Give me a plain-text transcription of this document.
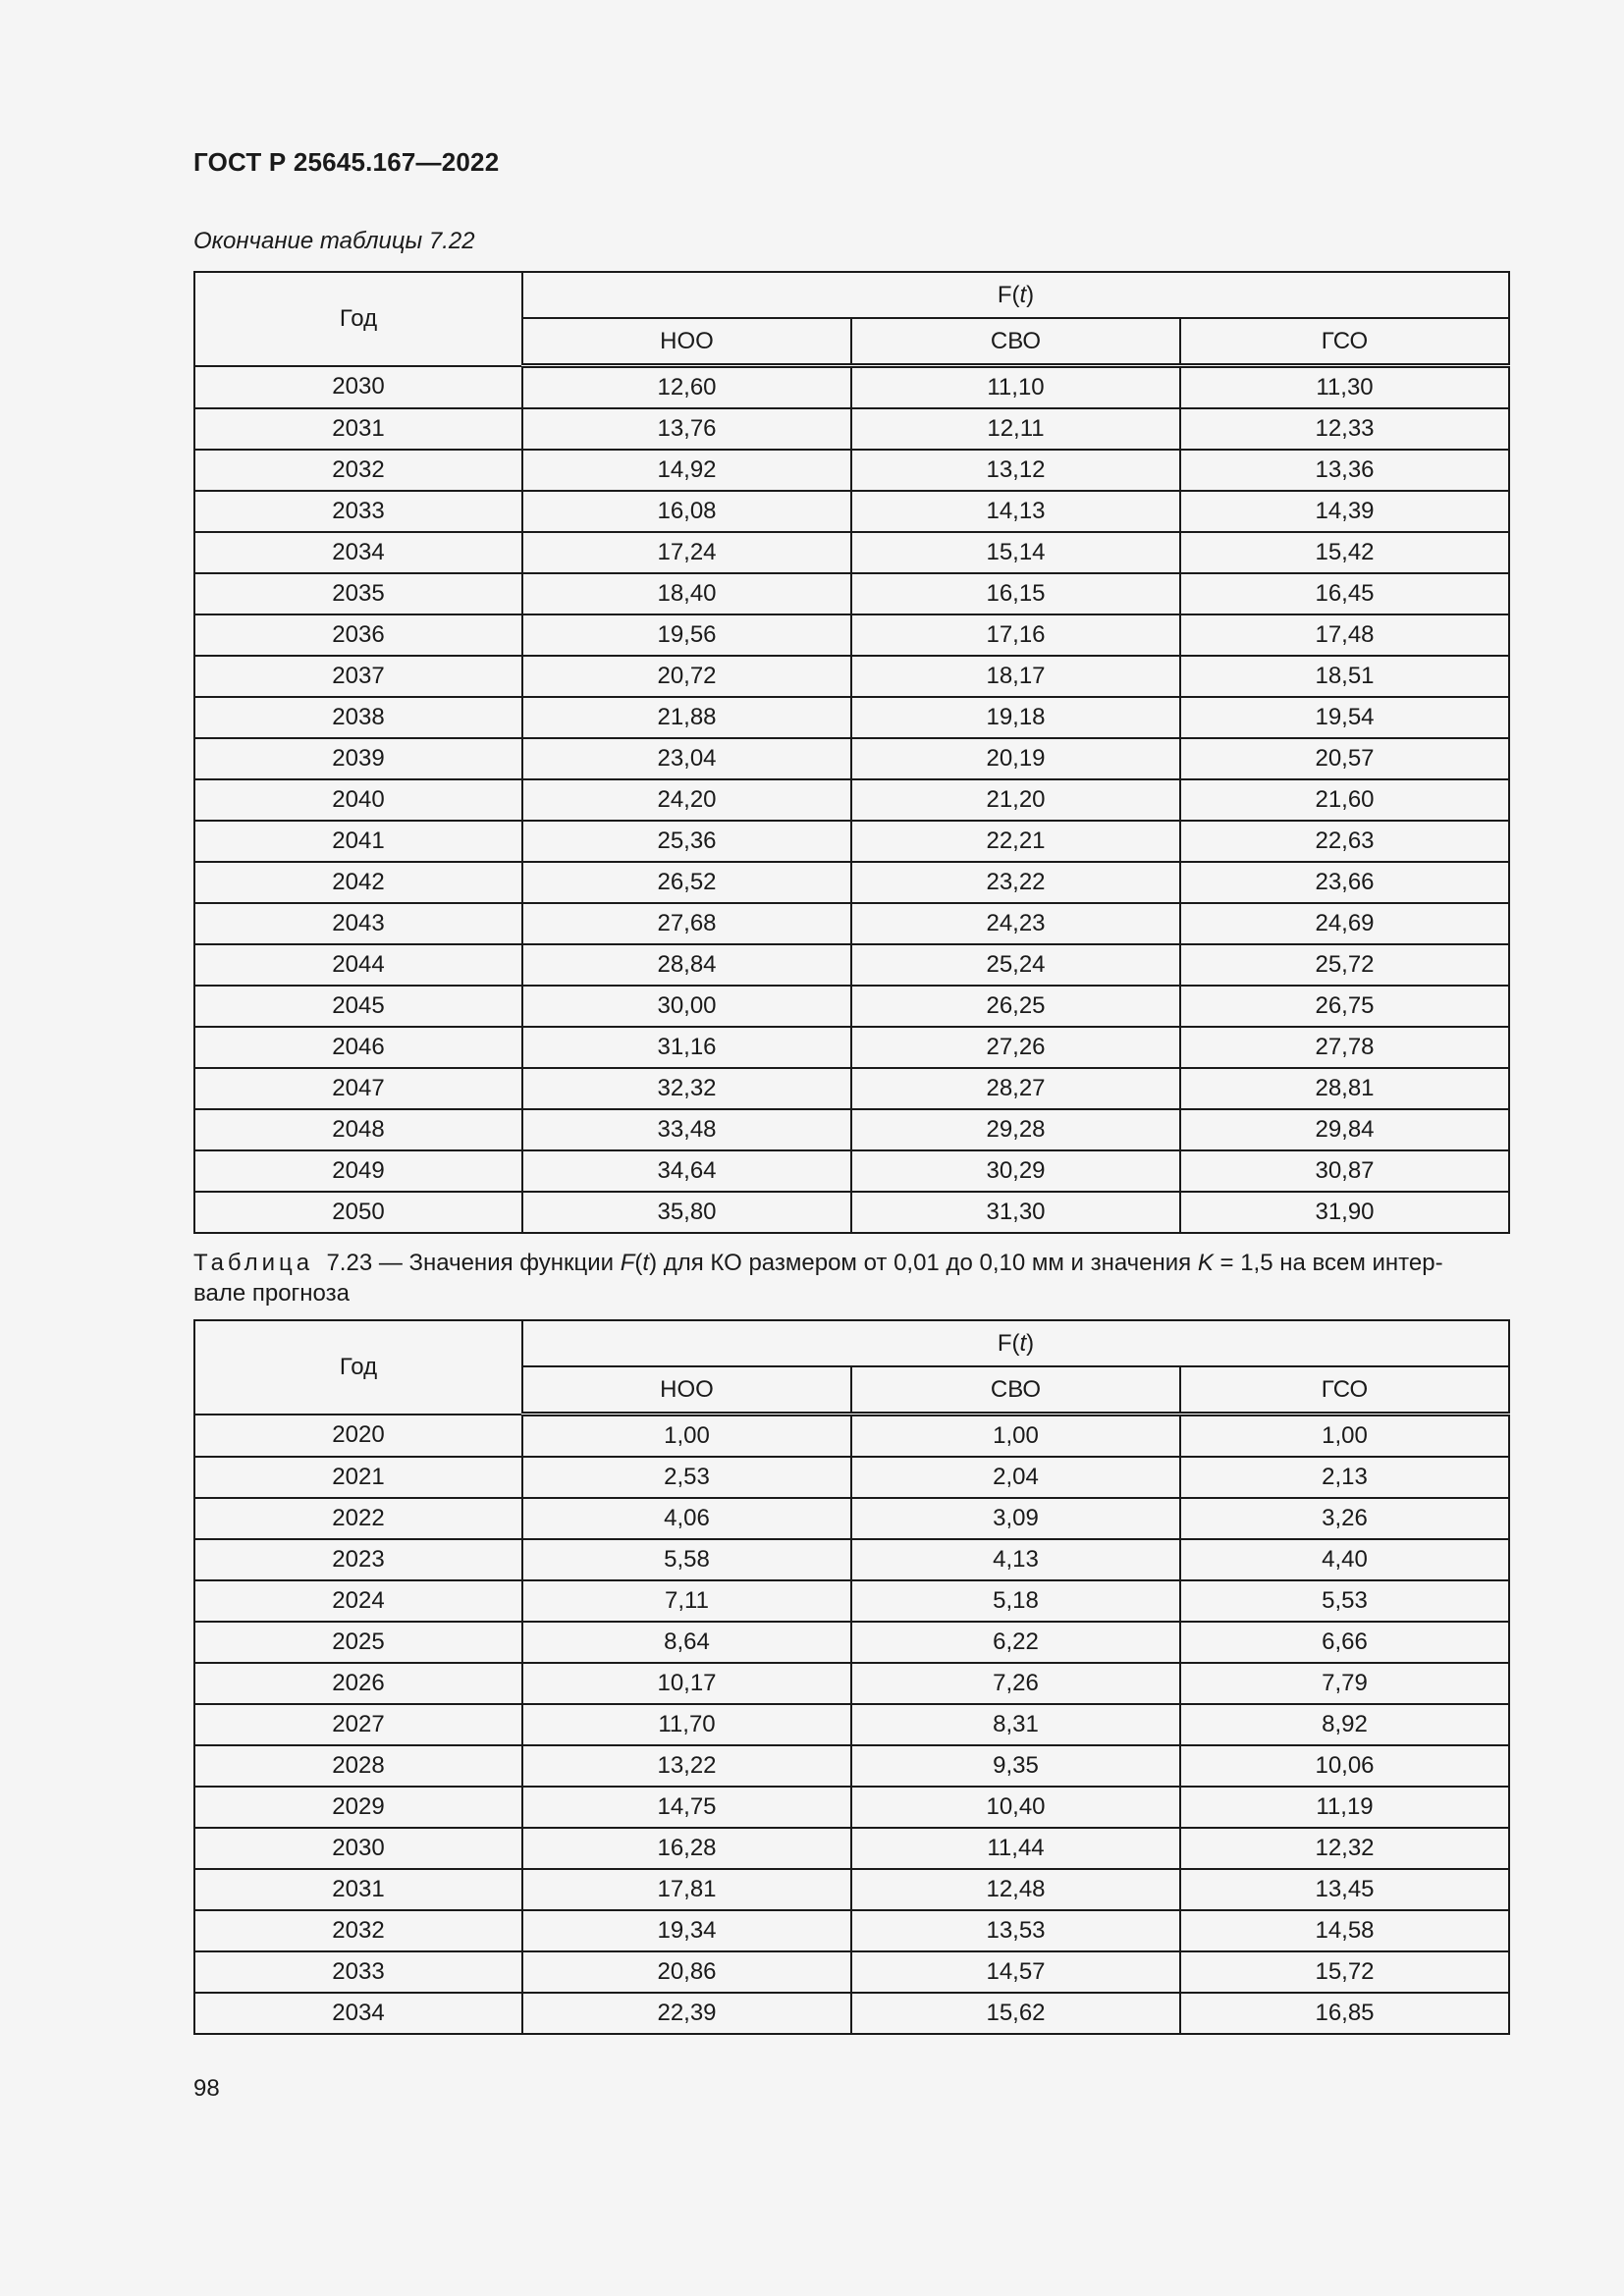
ГОСТ Р 25645.167—2022
Окончание таблицы 7.22
Год	F(t)		
	НОО	СВО	ГСО
2030	12,60	11,10	11,30
2031	13,76	12,11	12,33
2032	14,92	13,12	13,36
2033	16,08	14,13	14,39
2034	17,24	15,14	15,42
2035	18,40	16,15	16,45
2036	19,56	17,16	17,48
2037	20,72	18,17	18,51
2038	21,88	19,18	19,54
2039	23,04	20,19	20,57
2040	24,20	21,20	21,60
2041	25,36	22,21	22,63
2042	26,52	23,22	23,66
2043	27,68	24,23	24,69
2044	28,84	25,24	25,72
2045	30,00	26,25	26,75
2046	31,16	27,26	27,78
2047	32,32	28,27	28,81
2048	33,48	29,28	29,84
2049	34,64	30,29	30,87
2050	35,80	31,30	31,90
Таблица 7.23 — Значения функции F(t) для КО размером от 0,01 до 0,10 мм и значения K = 1,5 на всем интер-
вале прогноза
Год	F(t)		
	НОО	СВО	ГСО
2020	1,00	1,00	1,00
2021	2,53	2,04	2,13
2022	4,06	3,09	3,26
2023	5,58	4,13	4,40
2024	7,11	5,18	5,53
2025	8,64	6,22	6,66
2026	10,17	7,26	7,79
2027	11,70	8,31	8,92
2028	13,22	9,35	10,06
2029	14,75	10,40	11,19
2030	16,28	11,44	12,32
2031	17,81	12,48	13,45
2032	19,34	13,53	14,58
2033	20,86	14,57	15,72
2034	22,39	15,62	16,85
98
